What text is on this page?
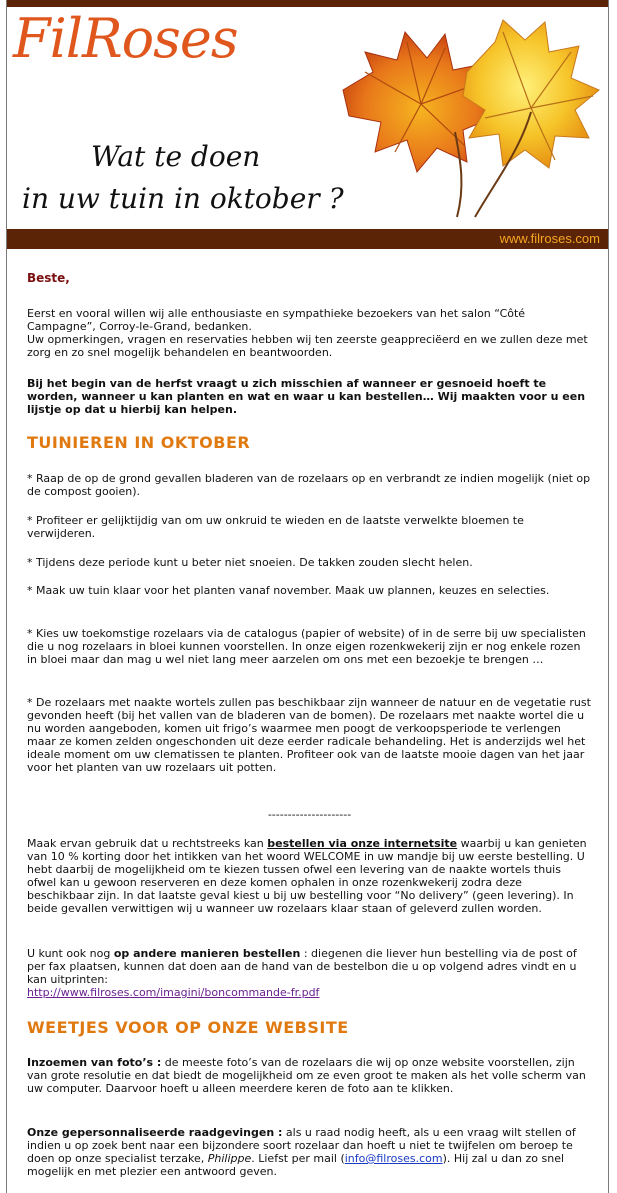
FilRoses
Wat te doen
in uw tuin in oktober ?
www.filroses.com
Beste,

Eerst en vooral willen wij alle enthousiaste en sympathieke bezoekers van het salon “Côté Campagne”, Corroy-le-Grand, bedanken.
Uw opmerkingen, vragen en reservaties hebben wij ten zeerste geappreciëerd en we zullen deze met zorg en zo snel mogelijk behandelen en beantwoorden.

Bij het begin van de herfst vraagt u zich misschien af wanneer er gesnoeid hoeft te worden, wanneer u kan planten en wat en waar u kan bestellen… Wij maakten voor u een lijstje op dat u hierbij kan helpen.

TUINIEREN IN OKTOBER

* Raap de op de grond gevallen bladeren van de rozelaars op en verbrandt ze indien mogelijk (niet op de compost gooien).

* Profiteer er gelijktijdig van om uw onkruid te wieden en de laatste verwelkte bloemen te verwijderen.

* Tijdens deze periode kunt u beter niet snoeien. De takken zouden slecht helen.

* Maak uw tuin klaar voor het planten vanaf november. Maak uw plannen, keuzes en selecties.

* Kies uw toekomstige rozelaars via de catalogus (papier of website) of in de serre bij uw specialisten die u nog rozelaars in bloei kunnen voorstellen. In onze eigen rozenkwekerij zijn er nog enkele rozen in bloei maar dan mag u wel niet lang meer aarzelen om ons met een bezoekje te brengen …

* De rozelaars met naakte wortels zullen pas beschikbaar zijn wanneer de natuur en de vegetatie rust gevonden heeft (bij het vallen van de bladeren van de bomen). De rozelaars met naakte wortel die u nu worden aangeboden, komen uit frigo’s waarmee men poogt de verkoopsperiode te verlengen maar ze komen zelden ongeschonden uit deze eerder radicale behandeling. Het is anderzijds wel het ideale moment om uw clematissen te planten. Profiteer ook van de laatste mooie dagen van het jaar voor het planten van uw rozelaars uit potten.

---------------------

Maak ervan gebruik dat u rechtstreeks kan bestellen via onze internetsite waarbij u kan genieten van 10 % korting door het intikken van het woord WELCOME in uw mandje bij uw eerste bestelling. U hebt daarbij de mogelijkheid om te kiezen tussen ofwel een levering van de naakte wortels thuis ofwel kan u gewoon reserveren en deze komen ophalen in onze rozenkwekerij zodra deze beschikbaar zijn. In dat laatste geval kiest u bij uw bestelling voor “No delivery” (geen levering). In beide gevallen verwittigen wij u wanneer uw rozelaars klaar staan of geleverd zullen worden.

U kunt ook nog op andere manieren bestellen : diegenen die liever hun bestelling via de post of per fax plaatsen, kunnen dat doen aan de hand van de bestelbon die u op volgend adres vindt en u kan uitprinten:
http://www.filroses.com/imagini/boncommande-fr.pdf

WEETJES VOOR OP ONZE WEBSITE

Inzoemen van foto’s : de meeste foto’s van de rozelaars die wij op onze website voorstellen, zijn van grote resolutie en dat biedt de mogelijkheid om ze even groot te maken als het volle scherm van uw computer. Daarvoor hoeft u alleen meerdere keren de foto aan te klikken.

Onze gepersonnaliseerde raadgevingen : als u raad nodig heeft, als u een vraag wilt stellen of indien u op zoek bent naar een bijzondere soort rozelaar dan hoeft u niet te twijfelen om beroep te doen op onze specialist terzake, Philippe. Liefst per mail (info@filroses.com). Hij zal u dan zo snel mogelijk en met plezier een antwoord geven.
